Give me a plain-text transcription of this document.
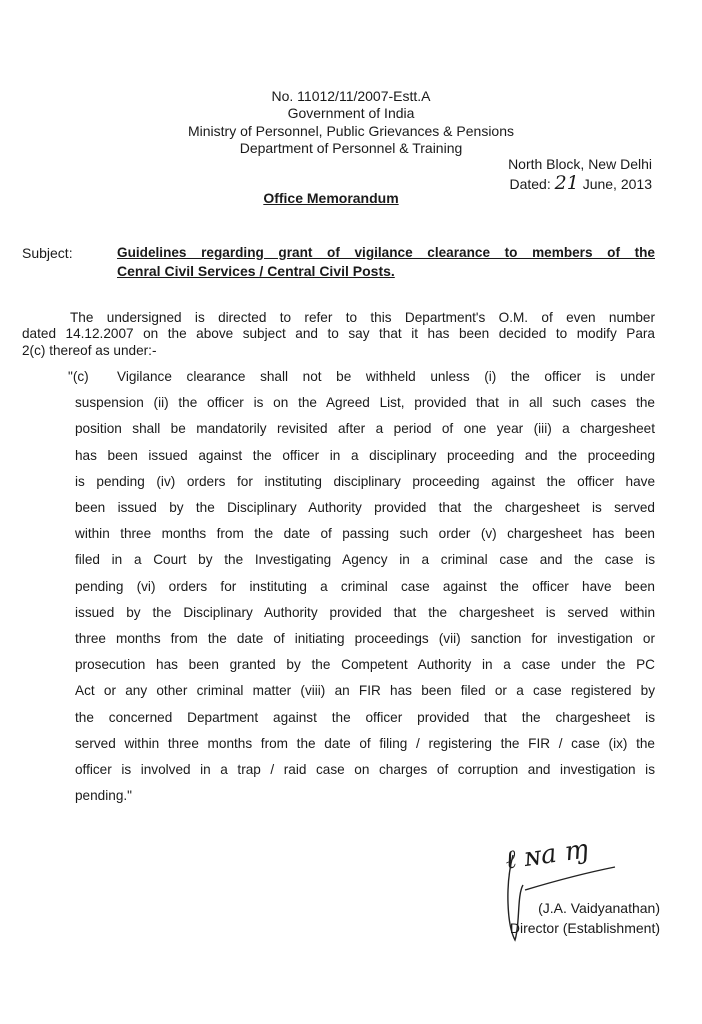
No. 11012/11/2007-Estt.A
Government of India
Ministry of Personnel, Public Grievances & Pensions
Department of Personnel & Training
North Block, New Delhi
Dated: 21 June, 2013
Office Memorandum
Subject:	Guidelines regarding grant of vigilance clearance to members of the
Cenral Civil Services / Central Civil Posts.
The undersigned is directed to refer to this Department's O.M. of even number
dated 14.12.2007 on the above subject and to say that it has been decided to modify Para
2(c) thereof as under:-
"(c) Vigilance clearance shall not be withheld unless (i) the officer is under
suspension (ii) the officer is on the Agreed List, provided that in all such cases the
position shall be mandatorily revisited after a period of one year (iii) a chargesheet
has been issued against the officer in a disciplinary proceeding and the proceeding
is pending (iv) orders for instituting disciplinary proceeding against the officer have
been issued by the Disciplinary Authority provided that the chargesheet is served
within three months from the date of passing such order (v) chargesheet has been
filed in a Court by the Investigating Agency in a criminal case and the case is
pending (vi) orders for instituting a criminal case against the officer have been
issued by the Disciplinary Authority provided that the chargesheet is served within
three months from the date of initiating proceedings (vii) sanction for investigation or
prosecution has been granted by the Competent Authority in a case under the PC
Act or any other criminal matter (viii) an FIR has been filed or a case registered by
the concerned Department against the officer provided that the chargesheet is
served within three months from the date of filing / registering the FIR / case (ix) the
officer is involved in a trap / raid case on charges of corruption and investigation is
pending."
ℓ ɴa ɱ
(J.A. Vaidyanathan)
Director (Establishment)
